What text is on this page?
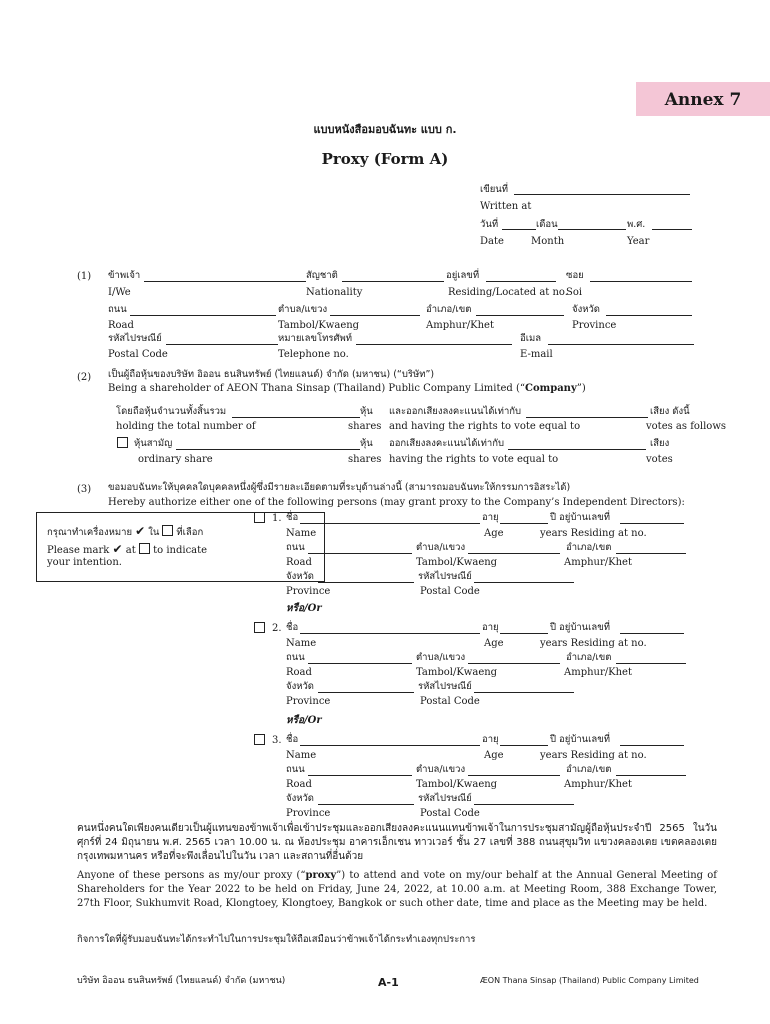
Annex 7
แบบหนังสือมอบฉันทะ แบบ ก.
Proxy (Form A)
เขียนที่
Written at
วันที่	เดือน	พ.ศ.
Date	Month	Year
(1) ข้าพเจ้า	สัญชาติ	อยู่เลขที่	ซอย
I/We	Nationality	Residing/Located at no.
Soi
ถนน	ตำบล/แขวง	อำเภอ/เขต	จังหวัด
Road	Tambol/Kwaeng	Amphur/Khet	Province
รหัสไปรษณีย์	หมายเลขโทรศัพท์	อีเมล
Postal Code	Telephone no.	E-mail
(2) เป็นผู้ถือหุ้นของบริษัท อิออน ธนสินทรัพย์ (ไทยแลนด์) จำกัด (มหาชน) (“บริษัท”)
Being a shareholder of AEON Thana Sinsap (Thailand) Public Company Limited (“Company”)
โดยถือหุ้นจำนวนทั้งสิ้นรวม	หุ้น และออกเสียงลงคะแนนได้เท่ากับ	เสียง ดังนี้
holding the total number of	shares and having the rights to vote equal to	votes as follows
หุ้นสามัญ	หุ้น ออกเสียงลงคะแนนได้เท่ากับ	เสียง
ordinary share	shares having the rights to vote equal to	votes
(3) ขอมอบฉันทะให้บุคคลใดบุคคลหนึ่งผู้ซึ่งมีรายละเอียดตามที่ระบุด้านล่างนี้ (สามารถมอบฉันทะให้กรรมการอิสระได้)
Hereby authorize either one of the following persons (may grant proxy to the Company’s Independent Directors):
กรุณาทำเครื่องหมาย ✔ ใน ที่เลือก
Please mark ✔ at to indicate
your intention.
1. ชื่อ	อายุ	ปี อยู่บ้านเลขที่
Name	Age	years Residing at no.
ถนน	ตำบล/แขวง	อำเภอ/เขต
Road	Tambol/Kwaeng	Amphur/Khet
จังหวัด	รหัสไปรษณีย์
Province	Postal Code
หรือ/Or
2. ชื่อ	อายุ	ปี อยู่บ้านเลขที่
Name	Age	years Residing at no.
ถนน	ตำบล/แขวง	อำเภอ/เขต
Road	Tambol/Kwaeng	Amphur/Khet
จังหวัด	รหัสไปรษณีย์
Province	Postal Code
หรือ/Or
3. ชื่อ	อายุ	ปี อยู่บ้านเลขที่
Name	Age	years Residing at no.
ถนน	ตำบล/แขวง	อำเภอ/เขต
Road	Tambol/Kwaeng	Amphur/Khet
จังหวัด	รหัสไปรษณีย์
Province	Postal Code
คนหนึ่งคนใดเพียงคนเดียวเป็นผู้แทนของข้าพเจ้าเพื่อเข้าประชุมและออกเสียงลงคะแนนแทนข้าพเจ้าในการประชุมสามัญผู้ถือหุ้นประจำปี 2565 ในวันศุกร์ที่ 24 มิถุนายน พ.ศ. 2565 เวลา 10.00 น. ณ ห้องประชุม อาคารเอ็กเชน ทาวเวอร์ ชั้น 27 เลขที่ 388 ถนนสุขุมวิท แขวงคลองเตย เขตคลองเตย กรุงเทพมหานคร หรือที่จะพึงเลื่อนไปในวัน เวลา และสถานที่อื่นด้วย
Anyone of these persons as my/our proxy (“proxy”) to attend and vote on my/our behalf at the Annual General Meeting of Shareholders for the Year 2022 to be held on Friday, June 24, 2022, at 10.00 a.m. at Meeting Room, 388 Exchange Tower, 27th Floor, Sukhumvit Road, Klongtoey, Klongtoey, Bangkok or such other date, time and place as the Meeting may be held.
กิจการใดที่ผู้รับมอบฉันทะได้กระทำไปในการประชุมให้ถือเสมือนว่าข้าพเจ้าได้กระทำเองทุกประการ
บริษัท อิออน ธนสินทรัพย์ (ไทยแลนด์) จำกัด (มหาชน)	A-1	ÆON Thana Sinsap (Thailand) Public Company Limited
